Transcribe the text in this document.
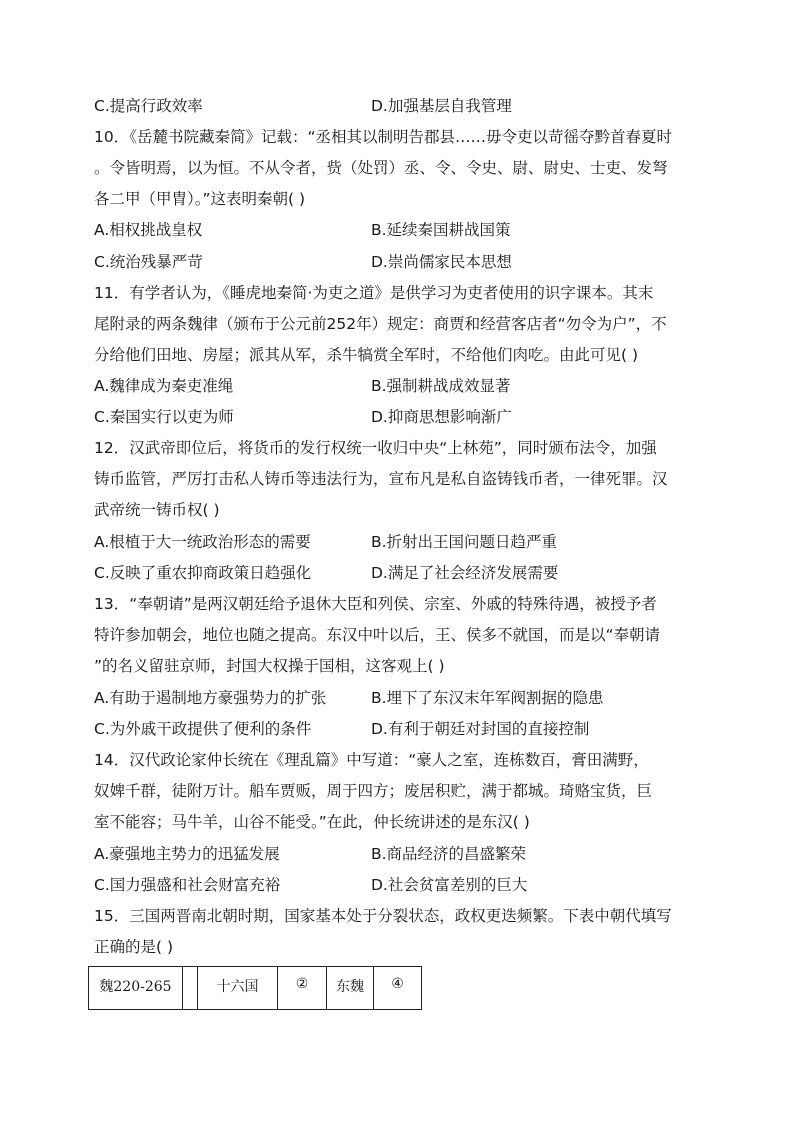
C.提高行政效率	D.加强基层自我管理
10．《岳麓书院藏秦简》记载：“丞相其以制明告郡县……毋令吏以苛徭夺黔首春夏时
。令皆明焉，以为恒。不从令者，赀（处罚）丞、令、令史、尉、尉史、士吏、发弩
各二甲（甲胄）。”这表明秦朝( )
A.相权挑战皇权	B.延续秦国耕战国策
C.统治残暴严苛	D.崇尚儒家民本思想
11．有学者认为，《睡虎地秦简·为吏之道》是供学习为吏者使用的识字课本。其末
尾附录的两条魏律（颁布于公元前252年）规定：商贾和经营客店者“勿令为户”，不
分给他们田地、房屋；派其从军，杀牛犒赏全军时，不给他们肉吃。由此可见( )
A.魏律成为秦吏准绳	B.强制耕战成效显著
C.秦国实行以吏为师	D.抑商思想影响渐广
12．汉武帝即位后，将货币的发行权统一收归中央“上林苑”，同时颁布法令，加强
铸币监管，严厉打击私人铸币等违法行为，宣布凡是私自盗铸钱币者，一律死罪。汉
武帝统一铸币权( )
A.根植于大一统政治形态的需要	B.折射出王国问题日趋严重
C.反映了重农抑商政策日趋强化	D.满足了社会经济发展需要
13．“奉朝请”是两汉朝廷给予退休大臣和列侯、宗室、外戚的特殊待遇，被授予者
特许参加朝会，地位也随之提高。东汉中叶以后，王、侯多不就国，而是以“奉朝请
”的名义留驻京师，封国大权操于国相，这客观上( )
A.有助于遏制地方豪强势力的扩张	B.埋下了东汉末年军阀割据的隐患
C.为外戚干政提供了便利的条件	D.有利于朝廷对封国的直接控制
14．汉代政论家仲长统在《理乱篇》中写道：“豪人之室，连栋数百，膏田满野，
奴婢千群，徒附万计。船车贾贩，周于四方；废居积贮，满于都城。琦赂宝货，巨
室不能容；马牛羊，山谷不能受。”在此，仲长统讲述的是东汉( )
A.豪强地主势力的迅猛发展	B.商品经济的昌盛繁荣
C.国力强盛和社会财富充裕	D.社会贫富差别的巨大
15．三国两晋南北朝时期，国家基本处于分裂状态，政权更迭频繁。下表中朝代填写
正确的是( )
魏220-265		十六国	②	东魏	④
